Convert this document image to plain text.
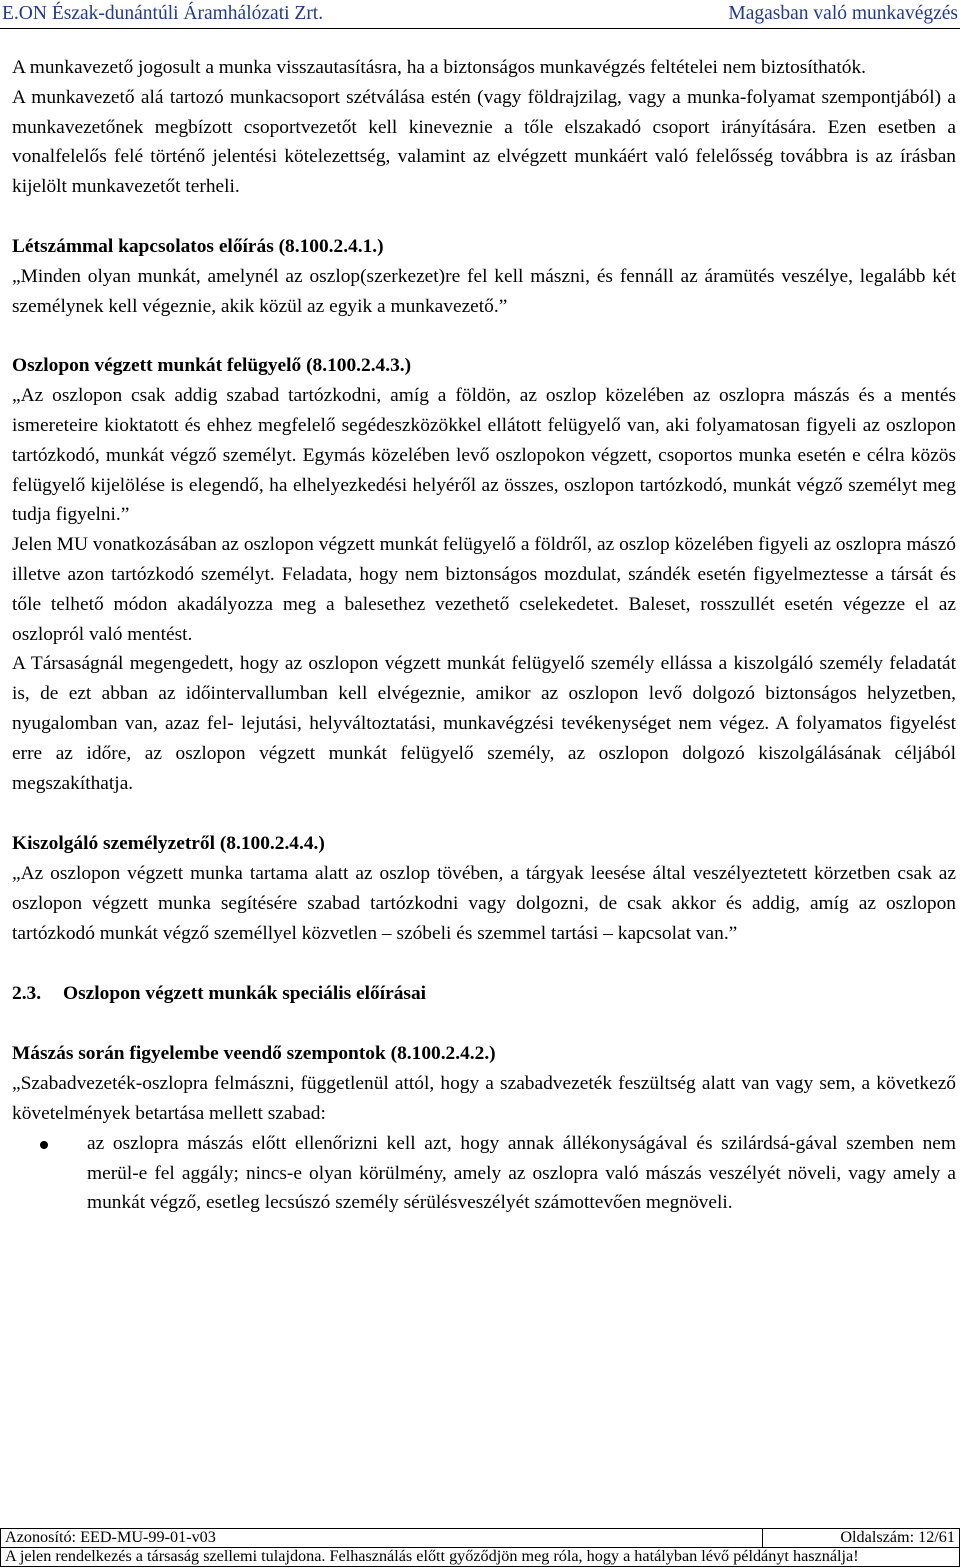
E.ON Észak-dunántúli Áramhálózati Zrt.	Magasban való munkavégzés

A munkavezető jogosult a munka visszautasításra, ha a biztonságos munkavégzés feltételei nem biztosíthatók.

A munkavezető alá tartozó munkacsoport szétválása estén (vagy földrajzilag, vagy a munka-folyamat szempontjából) a munkavezetőnek megbízott csoportvezetőt kell kineveznie a tőle elszakadó csoport irányítására. Ezen esetben a vonalfelelős felé történő jelentési kötelezettség, valamint az elvégzett munkáért való felelősség továbbra is az írásban kijelölt munkavezetőt terheli.

Létszámmal kapcsolatos előírás (8.100.2.4.1.)

„Minden olyan munkát, amelynél az oszlop(szerkezet)re fel kell mászni, és fennáll az áramütés veszélye, legalább két személynek kell végeznie, akik közül az egyik a munkavezető.”

Oszlopon végzett munkát felügyelő (8.100.2.4.3.)

„Az oszlopon csak addig szabad tartózkodni, amíg a földön, az oszlop közelében az oszlopra mászás és a mentés ismereteire kioktatott és ehhez megfelelő segédeszközökkel ellátott felügyelő van, aki folyamatosan figyeli az oszlopon tartózkodó, munkát végző személyt. Egymás közelében levő oszlopokon végzett, csoportos munka esetén e célra közös felügyelő kijelölése is elegendő, ha elhelyezkedési helyéről az összes, oszlopon tartózkodó, munkát végző személyt meg tudja figyelni.”

Jelen MU vonatkozásában az oszlopon végzett munkát felügyelő a földről, az oszlop közelében figyeli az oszlopra mászó illetve azon tartózkodó személyt. Feladata, hogy nem biztonságos mozdulat, szándék esetén figyelmeztesse a társát és tőle telhető módon akadályozza meg a balesethez vezethető cselekedetet. Baleset, rosszullét esetén végezze el az oszlopról való mentést.

A Társaságnál megengedett, hogy az oszlopon végzett munkát felügyelő személy ellássa a kiszolgáló személy feladatát is, de ezt abban az időintervallumban kell elvégeznie, amikor az oszlopon levő dolgozó biztonságos helyzetben, nyugalomban van, azaz fel- lejutási, helyváltoztatási, munkavégzési tevékenységet nem végez. A folyamatos figyelést erre az időre, az oszlopon végzett munkát felügyelő személy, az oszlopon dolgozó kiszolgálásának céljából megszakíthatja.

Kiszolgáló személyzetről (8.100.2.4.4.)

„Az oszlopon végzett munka tartama alatt az oszlop tövében, a tárgyak leesése által veszélyeztetett körzetben csak az oszlopon végzett munka segítésére szabad tartózkodni vagy dolgozni, de csak akkor és addig, amíg az oszlopon tartózkodó munkát végző személlyel közvetlen – szóbeli és szemmel tartási – kapcsolat van.”

2.3. Oszlopon végzett munkák speciális előírásai

Mászás során figyelembe veendő szempontok (8.100.2.4.2.)

„Szabadvezeték-oszlopra felmászni, függetlenül attól, hogy a szabadvezeték feszültség alatt van vagy sem, a következő követelmények betartása mellett szabad:

az oszlopra mászás előtt ellenőrizni kell azt, hogy annak állékonyságával és szilárdsá-gával szemben nem merül-e fel aggály; nincs-e olyan körülmény, amely az oszlopra való mászás veszélyét növeli, vagy amely a munkát végző, esetleg lecsúszó személy sérülésveszélyét számottevően megnöveli.
Azonosító: EED-MU-99-01-v03	Oldalszám: 12/61
A jelen rendelkezés a társaság szellemi tulajdona. Felhasználás előtt győződjön meg róla, hogy a hatályban lévő példányt használja!
